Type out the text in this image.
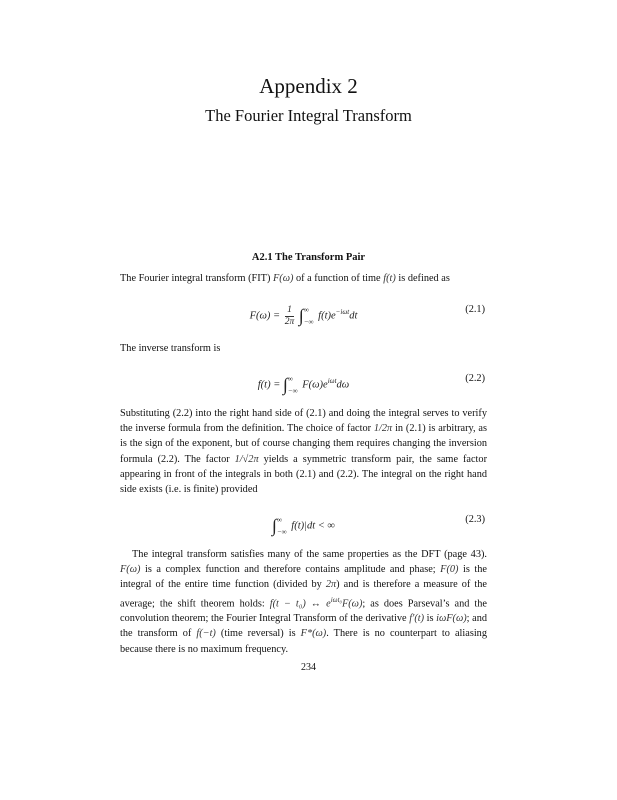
Appendix 2
The Fourier Integral Transform
A2.1 The Transform Pair

The Fourier integral transform (FIT) F(ω) of a function of time f(t) is defined as

$F(\omega) = \frac{1}{2\pi}$ ∫ ∞
−∞
$f(t)e^{-i\omega t}dt$
(2.1)

The inverse transform is

f(t) = ∫ ∞
−∞
$F(\omega)e^{i\omega t}d\omega$
(2.2)

Substituting (2.2) into the right hand side of (2.1) and doing the integral serves to verify the inverse formula from the definition. The choice of factor 1/2π in (2.1) is arbitrary, as is the sign of the exponent, but of course changing them requires changing the inversion formula (2.2). The factor 1/√2π yields a symmetric transform pair, the same factor appearing in front of the integrals in both (2.1) and (2.2). The integral on the right hand side exists (i.e. is finite) provided

∫ ∞
−∞
f(t)|dt < ∞
(2.3)

The integral transform satisfies many of the same properties as the DFT (page 43). F(ω) is a complex function and therefore contains amplitude and phase; F(0) is the integral of the entire time function (divided by 2π) and is therefore a measure of the average; the shift theorem holds: f(t − t₀) ↔ $e^{i\omega t_0}F(\omega)$; as does Parseval’s and the convolution theorem; the Fourier Integral Transform of the derivative f′(t) is iωF(ω); and the transform of f(−t) (time reversal) is F*(ω). There is no counterpart to aliasing because there is no maximum frequency.

234
